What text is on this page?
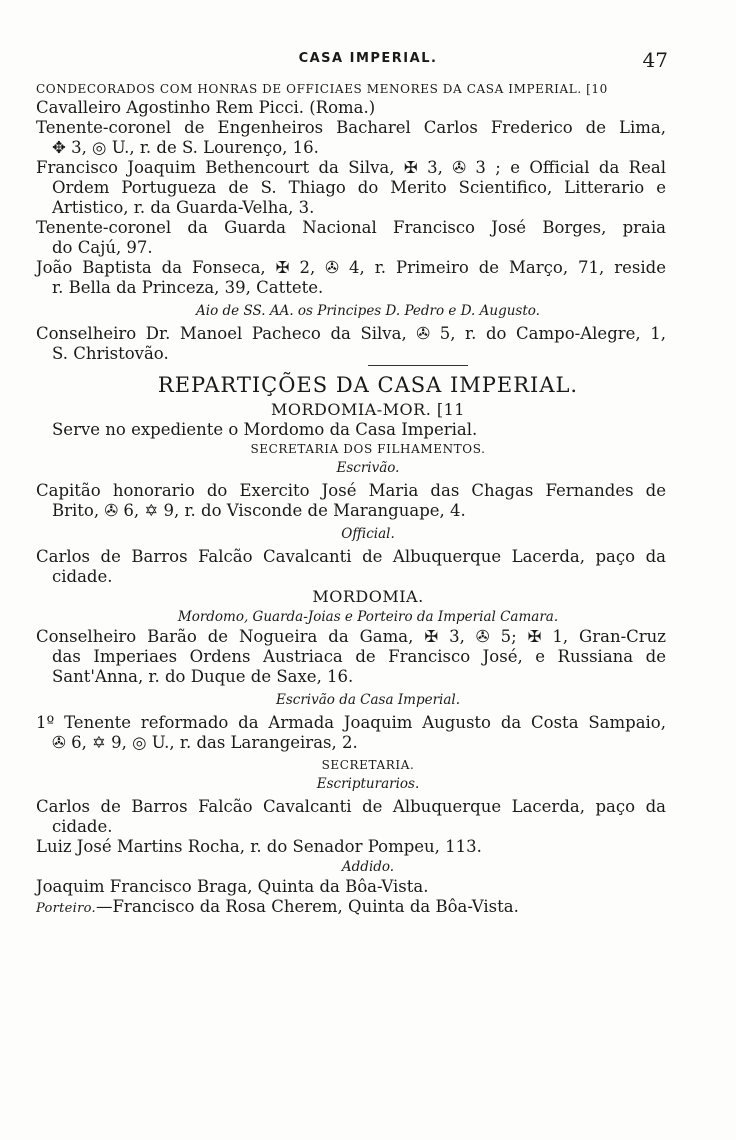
CASA IMPERIAL.	47
CONDECORADOS COM HONRAS DE OFFICIAES MENORES DA CASA IMPERIAL. [10
Cavalleiro Agostinho Rem Picci. (Roma.)
Tenente-coronel de Engenheiros Bacharel Carlos Frederico de Lima,
✥ 3, ◎ U., r. de S. Lourenço, 16.
Francisco Joaquim Bethencourt da Silva, ✠ 3, ✇ 3 ; e Official da Real
Ordem Portugueza de S. Thiago do Merito Scientifico, Litterario e
Artistico, r. da Guarda-Velha, 3.
Tenente-coronel da Guarda Nacional Francisco José Borges, praia
do Cajú, 97.
João Baptista da Fonseca, ✠ 2, ✇ 4, r. Primeiro de Março, 71, reside
r. Bella da Princeza, 39, Cattete.
Aio de SS. AA. os Principes D. Pedro e D. Augusto.
Conselheiro Dr. Manoel Pacheco da Silva, ✇ 5, r. do Campo-Alegre, 1,
S. Christovão.
REPARTIÇÕES DA CASA IMPERIAL.
MORDOMIA-MOR. [11
Serve no expediente o Mordomo da Casa Imperial.
SECRETARIA DOS FILHAMENTOS.
Escrivão.
Capitão honorario do Exercito José Maria das Chagas Fernandes de
Brito, ✇ 6, ✡ 9, r. do Visconde de Maranguape, 4.
Official.
Carlos de Barros Falcão Cavalcanti de Albuquerque Lacerda, paço da
cidade.
MORDOMIA.
Mordomo, Guarda-Joias e Porteiro da Imperial Camara.
Conselheiro Barão de Nogueira da Gama, ✠ 3, ✇ 5; ✠ 1, Gran-Cruz
das Imperiaes Ordens Austriaca de Francisco José, e Russiana de
Sant'Anna, r. do Duque de Saxe, 16.
Escrivão da Casa Imperial.
1º Tenente reformado da Armada Joaquim Augusto da Costa Sampaio,
✇ 6, ✡ 9, ◎ U., r. das Larangeiras, 2.
SECRETARIA.
Escripturarios.
Carlos de Barros Falcão Cavalcanti de Albuquerque Lacerda, paço da
cidade.
Luiz José Martins Rocha, r. do Senador Pompeu, 113.
Addido.
Joaquim Francisco Braga, Quinta da Bôa-Vista.
Porteiro.—Francisco da Rosa Cherem, Quinta da Bôa-Vista.
